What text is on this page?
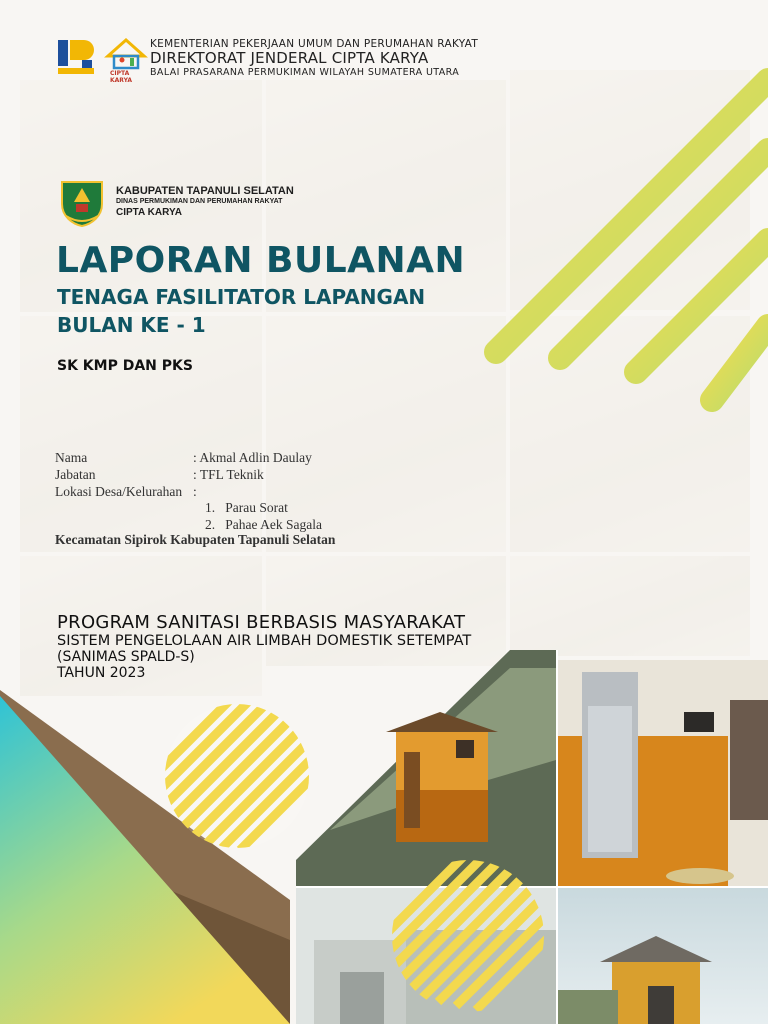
CIPTA KARYA
KEMENTERIAN PEKERJAAN UMUM DAN PERUMAHAN RAKYAT
DIREKTORAT JENDERAL CIPTA KARYA
BALAI PRASARANA PERMUKIMAN WILAYAH SUMATERA UTARA
KABUPATEN TAPANULI SELATAN
DINAS PERMUKIMAN DAN PERUMAHAN RAKYAT
CIPTA KARYA
LAPORAN BULANAN
TENAGA FASILITATOR LAPANGAN
BULAN KE - 1
SK KMP DAN PKS
Nama	: Akmal Adlin Daulay
Jabatan	: TFL Teknik
Lokasi Desa/Kelurahan :
1.   Parau Sorat
2.   Pahae Aek Sagala
Kecamatan Sipirok Kabupaten Tapanuli Selatan
PROGRAM SANITASI BERBASIS MASYARAKAT
SISTEM PENGELOLAAN AIR LIMBAH DOMESTIK SETEMPAT
(SANIMAS SPALD-S)
TAHUN 2023
